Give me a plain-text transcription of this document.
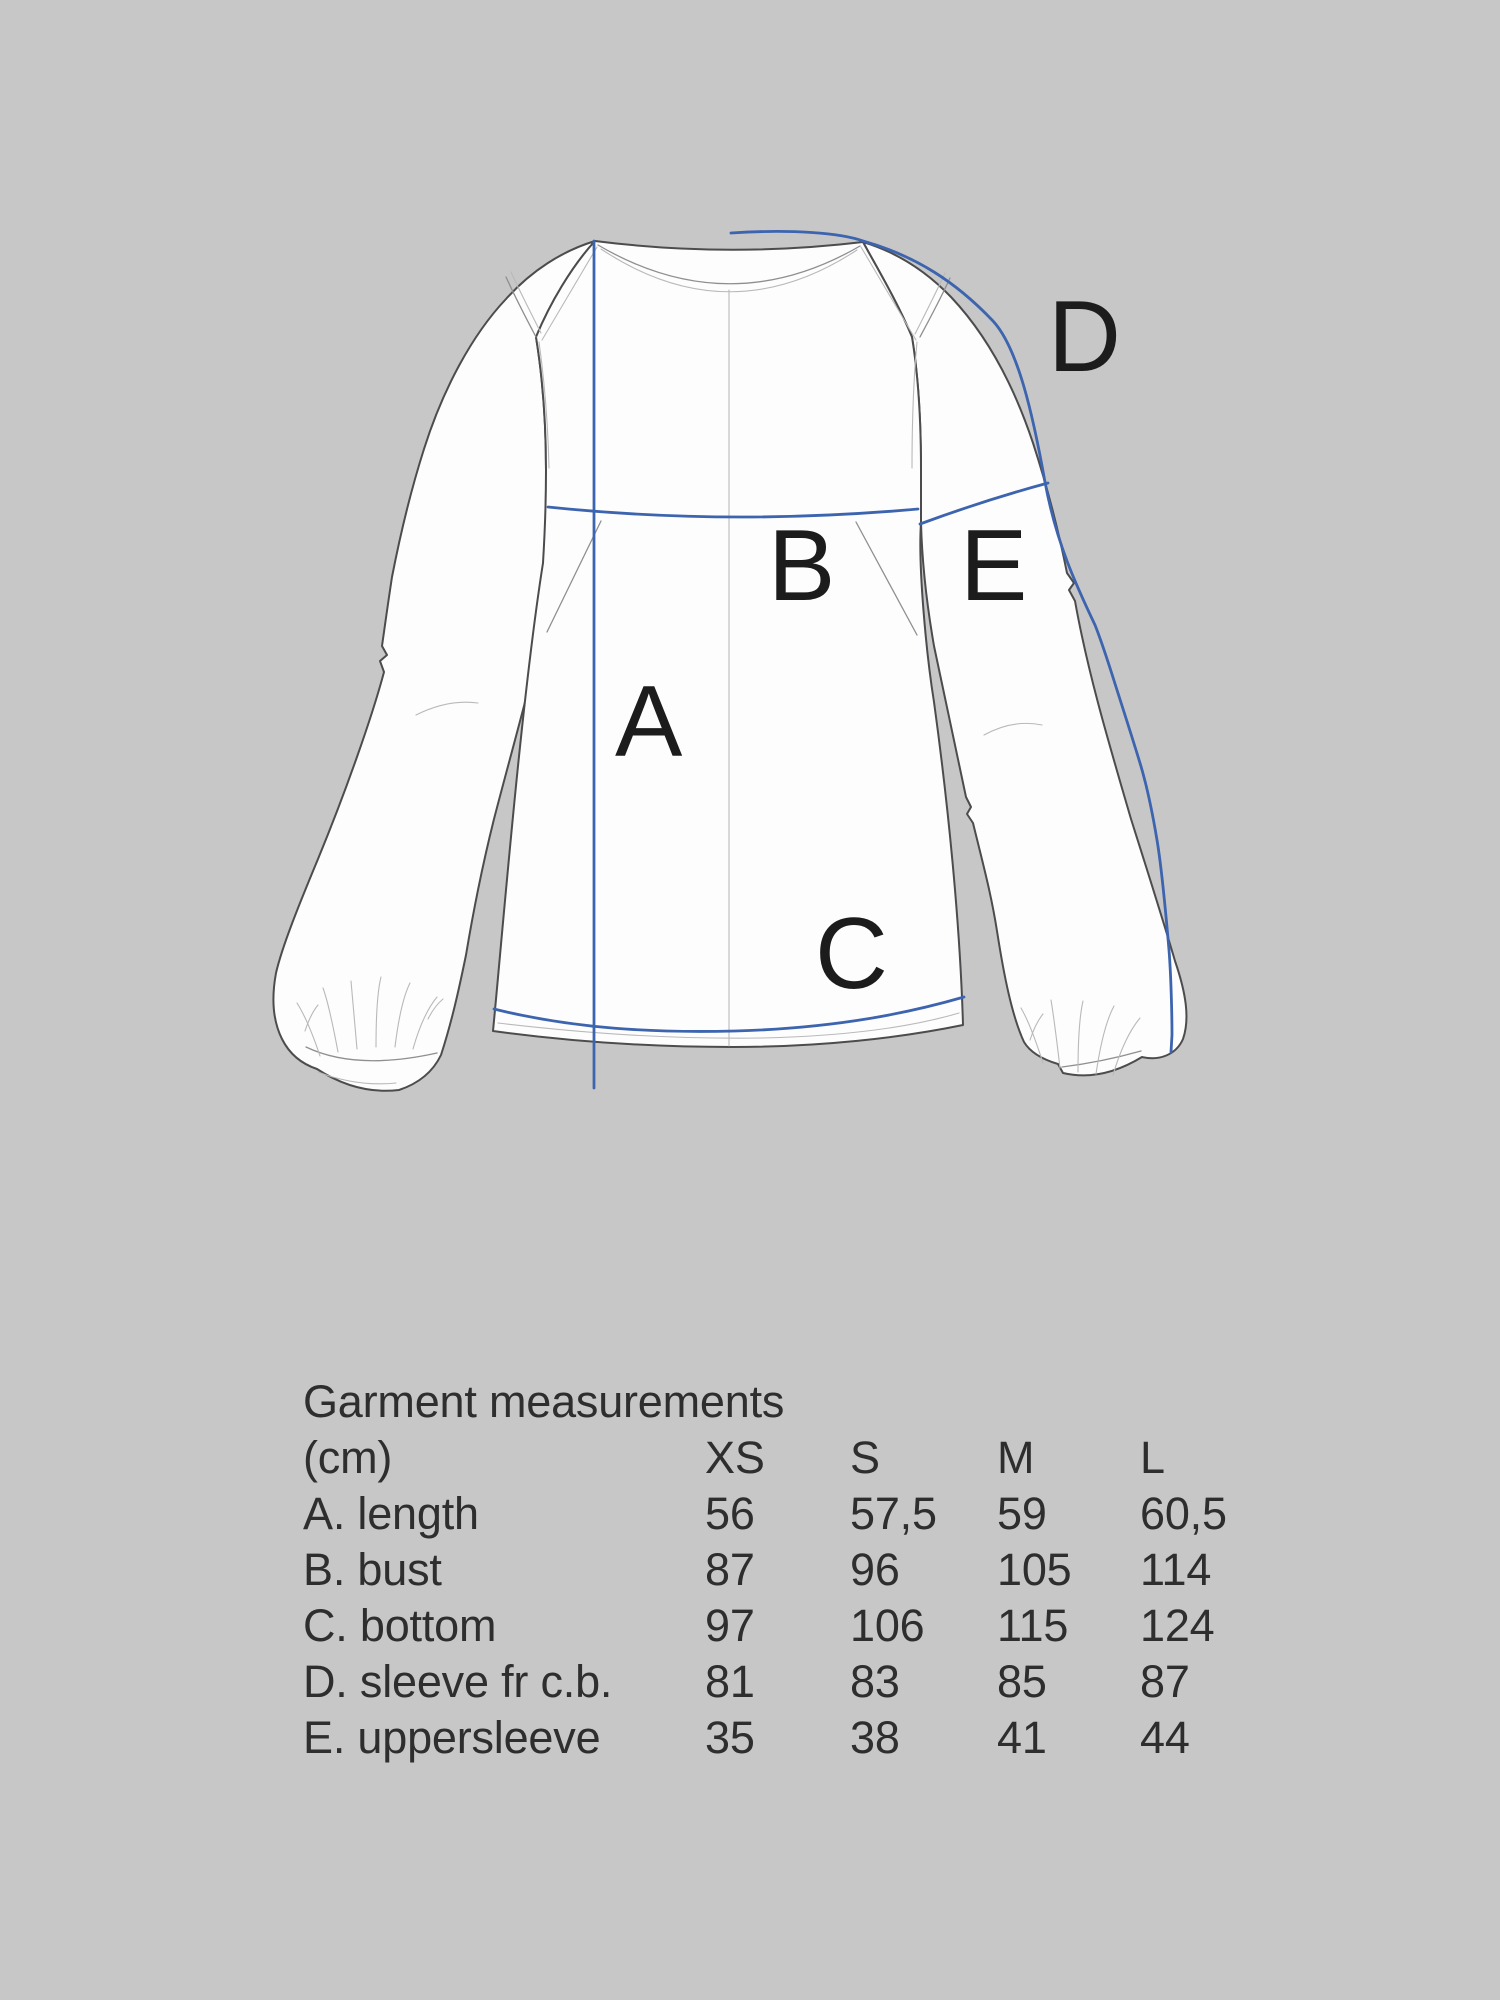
A
B
C
D
E
Garment measurements
(cm)	XS	S	M	L
A. length	56	57,5	59	60,5
B. bust	87	96	105	114
C. bottom	97	106	115	124
D. sleeve fr c.b.	81	83	85	87
E. uppersleeve	35	38	41	44
